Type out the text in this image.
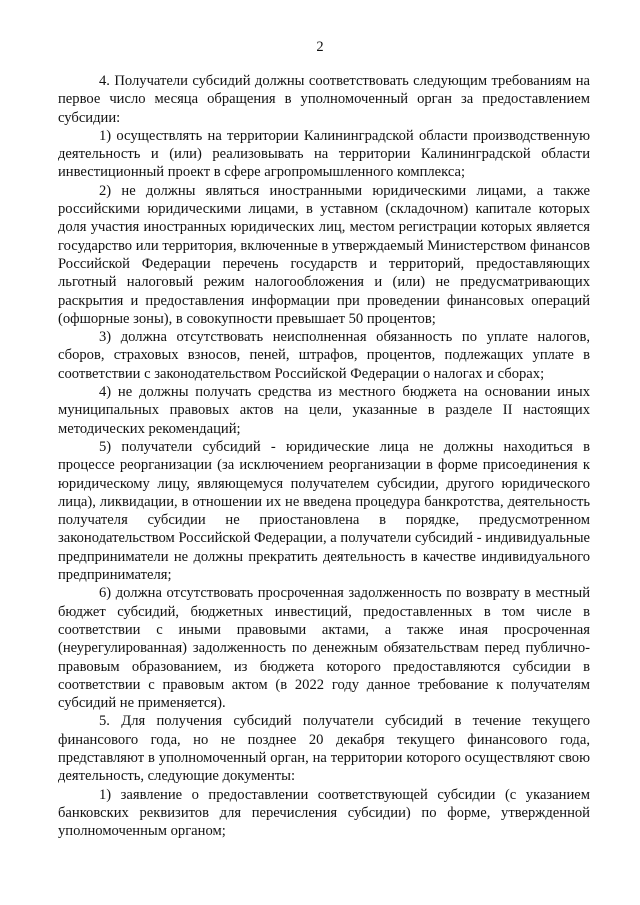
2

4. Получатели субсидий должны соответствовать следующим требованиям на первое число месяца обращения в уполномоченный орган за предоставлением субсидии:

1) осуществлять на территории Калининградской области производственную деятельность и (или) реализовывать на территории Калининградской области инвестиционный проект в сфере агропромышленного комплекса;

2) не должны являться иностранными юридическими лицами, а также российскими юридическими лицами, в уставном (складочном) капитале которых доля участия иностранных юридических лиц, местом регистрации которых является государство или территория, включенные в утверждаемый Министерством финансов Российской Федерации перечень государств и территорий, предоставляющих льготный налоговый режим налогообложения и (или) не предусматривающих раскрытия и предоставления информации при проведении финансовых операций (офшорные зоны), в совокупности превышает 50 процентов;

3) должна отсутствовать неисполненная обязанность по уплате налогов, сборов, страховых взносов, пеней, штрафов, процентов, подлежащих уплате в соответствии с законодательством Российской Федерации о налогах и сборах;

4) не должны получать средства из местного бюджета на основании иных муниципальных правовых актов на цели, указанные в разделе II настоящих методических рекомендаций;

5) получатели субсидий - юридические лица не должны находиться в процессе реорганизации (за исключением реорганизации в форме присоединения к юридическому лицу, являющемуся получателем субсидии, другого юридического лица), ликвидации, в отношении их не введена процедура банкротства, деятельность получателя субсидии не приостановлена в порядке, предусмотренном законодательством Российской Федерации, а получатели субсидий - индивидуальные предприниматели не должны прекратить деятельность в качестве индивидуального предпринимателя;

6) должна отсутствовать просроченная задолженность по возврату в местный бюджет субсидий, бюджетных инвестиций, предоставленных в том числе в соответствии с иными правовыми актами, а также иная просроченная (неурегулированная) задолженность по денежным обязательствам перед публично-правовым образованием, из бюджета которого предоставляются субсидии в соответствии с правовым актом (в 2022 году данное требование к получателям субсидий не применяется).

5. Для получения субсидий получатели субсидий в течение текущего финансового года, но не позднее 20 декабря текущего финансового года, представляют в уполномоченный орган, на территории которого осуществляют свою деятельность, следующие документы:

1) заявление о предоставлении соответствующей субсидии (с указанием банковских реквизитов для перечисления субсидии) по форме, утвержденной уполномоченным органом;
